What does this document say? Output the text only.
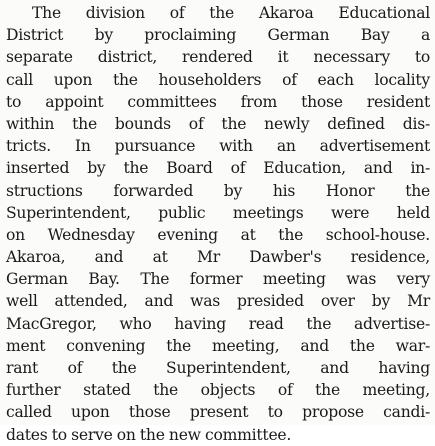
The division of the Akaroa Educational
District by proclaiming German Bay a
separate district, rendered it necessary to
call upon the householders of each locality
to appoint committees from those resident
within the bounds of the newly defined dis-
tricts. In pursuance with an advertisement
inserted by the Board of Education, and in-
structions forwarded by his Honor the
Superintendent, public meetings were held
on Wednesday evening at the school-house.
Akaroa, and at Mr Dawber's residence,
German Bay. The former meeting was very
well attended, and was presided over by Mr
MacGregor, who having read the advertise-
ment convening the meeting, and the war-
rant of the Superintendent, and having
further stated the objects of the meeting,
called upon those present to propose candi-
dates to serve on the new committee.
